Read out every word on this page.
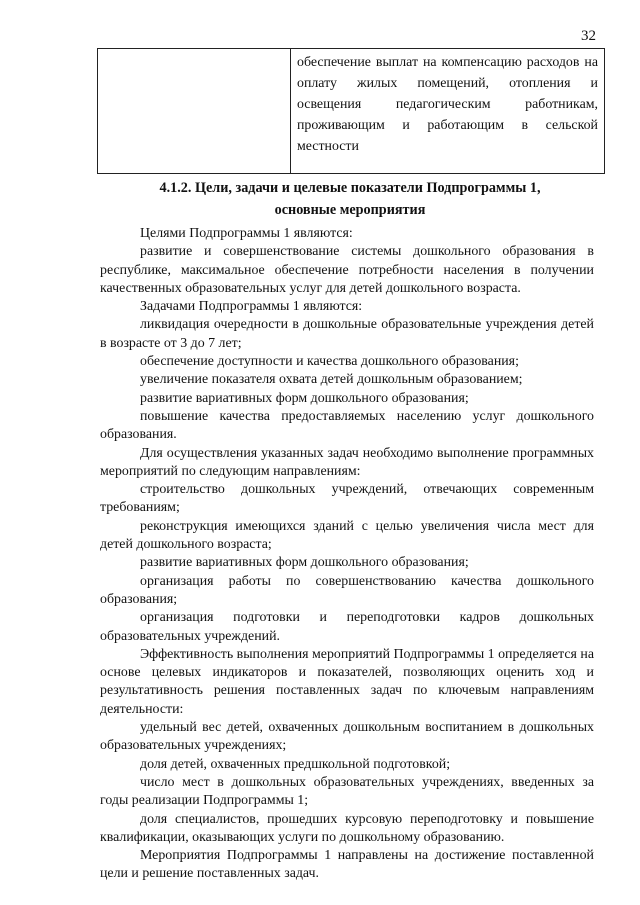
32
	обеспечение выплат на компенсацию расходов на оплату жилых помещений, отопления и освещения педагогическим работникам, проживающим и работающим в сельской местности
4.1.2. Цели, задачи и целевые показатели Подпрограммы 1,
основные мероприятия

Целями Подпрограммы 1 являются:

развитие и совершенствование системы дошкольного образования в республике, максимальное обеспечение потребности населения в получении качественных образовательных услуг для детей дошкольного возраста.

Задачами Подпрограммы 1 являются:

ликвидация очередности в дошкольные образовательные учреждения детей в возрасте от 3 до 7 лет;

обеспечение доступности и качества дошкольного образования;

увеличение показателя охвата детей дошкольным образованием;

развитие вариативных форм дошкольного образования;

повышение качества предоставляемых населению услуг дошкольного образования.

Для осуществления указанных задач необходимо выполнение программных мероприятий по следующим направлениям:

строительство дошкольных учреждений, отвечающих современным требованиям;

реконструкция имеющихся зданий с целью увеличения числа мест для детей дошкольного возраста;

развитие вариативных форм дошкольного образования;

организация работы по совершенствованию качества дошкольного образования;

организация подготовки и переподготовки кадров дошкольных образовательных учреждений.

Эффективность выполнения мероприятий Подпрограммы 1 определяется на основе целевых индикаторов и показателей, позволяющих оценить ход и результативность решения поставленных задач по ключевым направлениям деятельности:

удельный вес детей, охваченных дошкольным воспитанием в дошкольных образовательных учреждениях;

доля детей, охваченных предшкольной подготовкой;

число мест в дошкольных образовательных учреждениях, введенных за годы реализации Подпрограммы 1;

доля специалистов, прошедших курсовую переподготовку и повышение квалификации, оказывающих услуги по дошкольному образованию.

Мероприятия Подпрограммы 1 направлены на достижение поставленной цели и решение поставленных задач.
